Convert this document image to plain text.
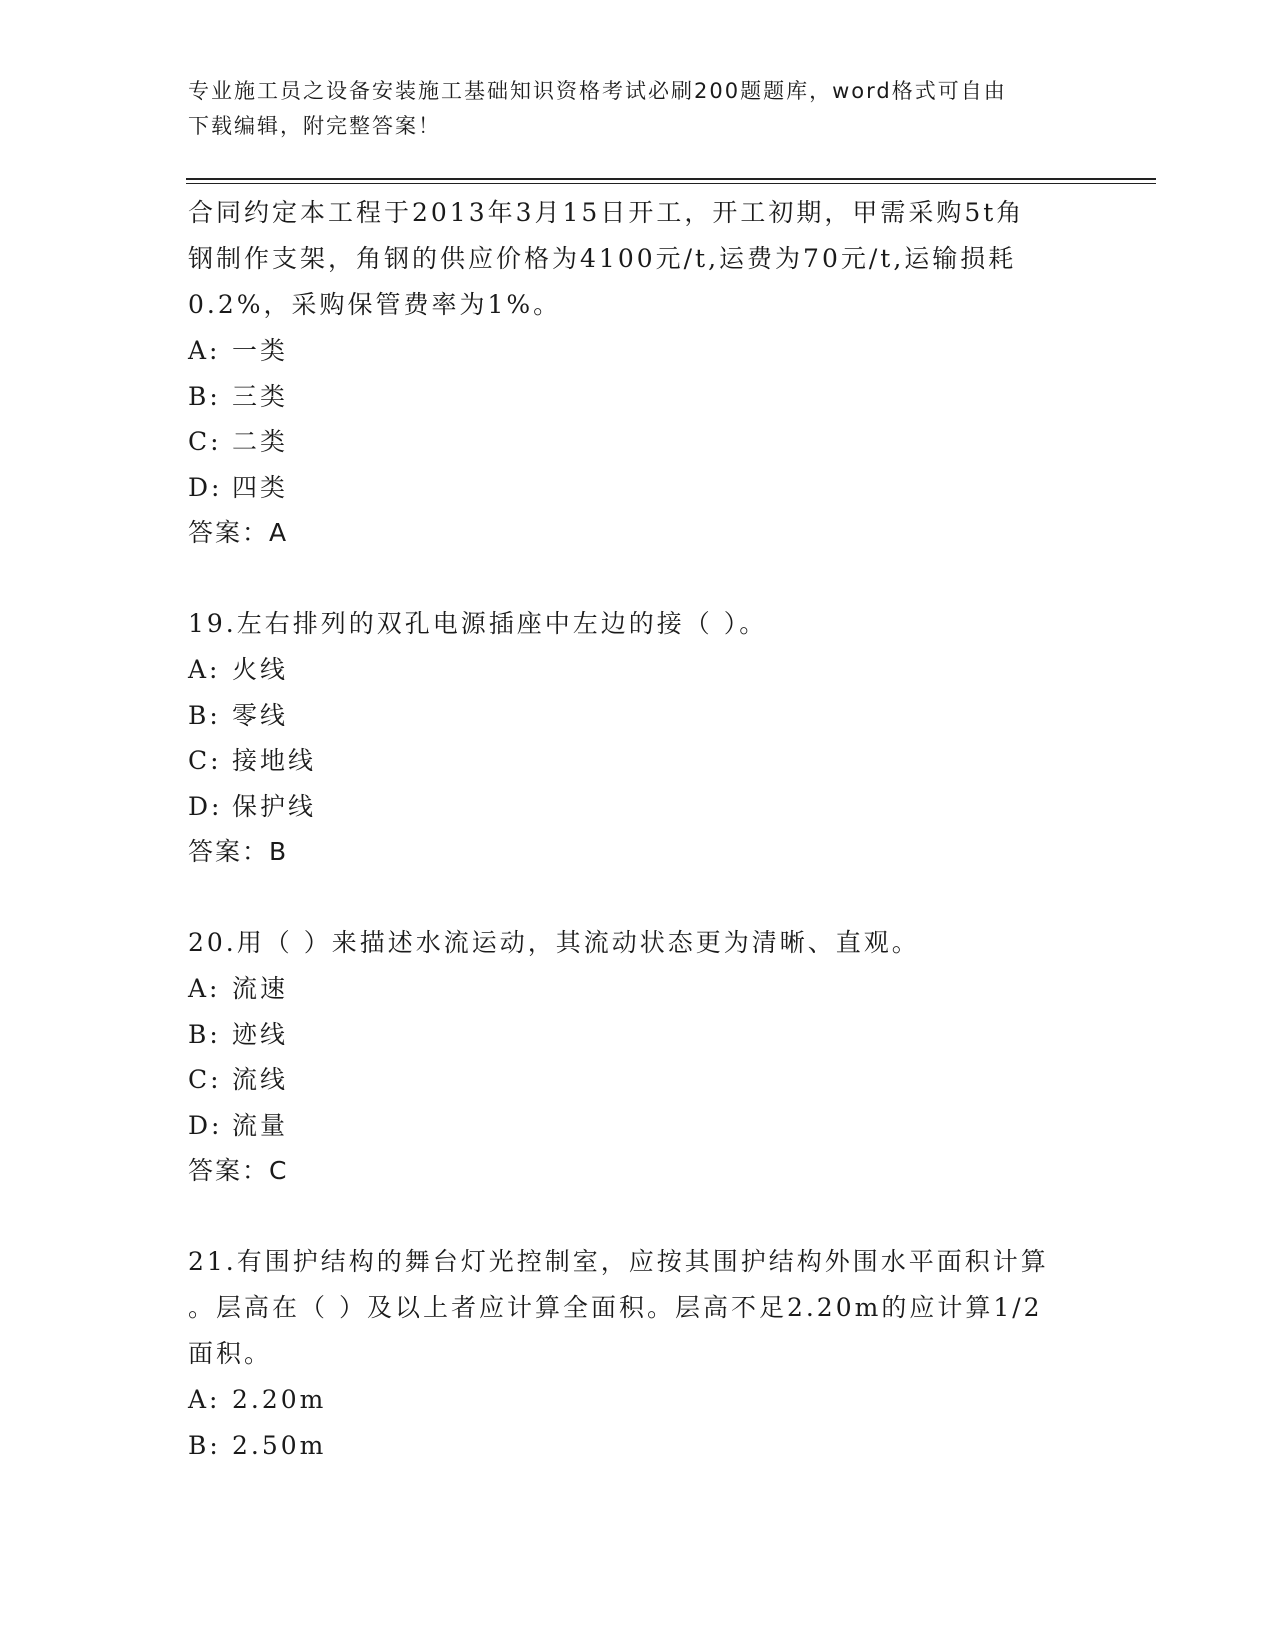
专业施工员之设备安装施工基础知识资格考试必刷200题题库，word格式可自由
下载编辑，附完整答案！
合同约定本工程于2013年3月15日开工，开工初期，甲需采购5t角
钢制作支架，角钢的供应价格为4100元/t,运费为70元/t,运输损耗
0.2%，采购保管费率为1%。
A: 一类
B: 三类
C: 二类
D: 四类
答案：A
19.左右排列的双孔电源插座中左边的接（ ）。
A: 火线
B: 零线
C: 接地线
D: 保护线
答案：B
20.用（ ）来描述水流运动，其流动状态更为清晰、直观。
A: 流速
B: 迹线
C: 流线
D: 流量
答案：C
21.有围护结构的舞台灯光控制室，应按其围护结构外围水平面积计算
。层高在（ ）及以上者应计算全面积。层高不足2.20m的应计算1/2
面积。
A: 2.20m
B: 2.50m
